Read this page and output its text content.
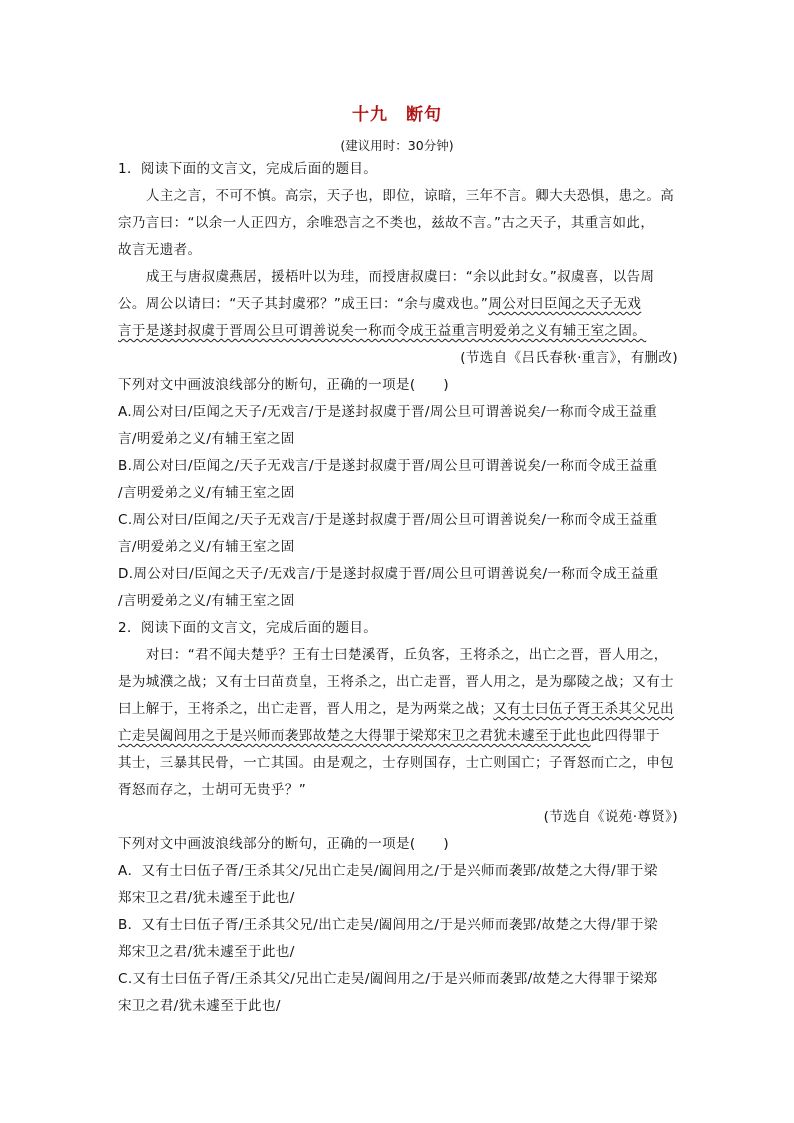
十九　断句
(建议用时：30分钟)
1．阅读下面的文言文，完成后面的题目。
人主之言，不可不慎。高宗，天子也，即位，谅暗，三年不言。卿大夫恐惧，患之。高
宗乃言曰：“以余一人正四方，余唯恐言之不类也，兹故不言。”古之天子，其重言如此，
故言无遗者。
成王与唐叔虞燕居，援梧叶以为珪，而授唐叔虞曰：“余以此封女。”叔虞喜，以告周
公。周公以请曰：“天子其封虞邪？”成王曰：“余与虞戏也。”周公对曰臣闻之天子无戏
言于是遂封叔虞于晋周公旦可谓善说矣一称而令成王益重言明爱弟之义有辅王室之固。
(节选自《吕氏春秋·重言》，有删改)
下列对文中画波浪线部分的断句，正确的一项是(　　)
A.周公对曰/臣闻之天子/无戏言/于是遂封叔虞于晋/周公旦可谓善说矣/一称而令成王益重
言/明爱弟之义/有辅王室之固
B.周公对曰/臣闻之/天子无戏言/于是遂封叔虞于晋/周公旦可谓善说矣/一称而令成王益重
/言明爱弟之义/有辅王室之固
C.周公对曰/臣闻之/天子无戏言/于是遂封叔虞于晋/周公旦可谓善说矣/一称而令成王益重
言/明爱弟之义/有辅王室之固
D.周公对曰/臣闻之天子/无戏言/于是遂封叔虞于晋/周公旦可谓善说矣/一称而令成王益重
/言明爱弟之义/有辅王室之固
2．阅读下面的文言文，完成后面的题目。
对曰：“君不闻夫楚乎？王有士曰楚溪胥，丘负客，王将杀之，出亡之晋，晋人用之，
是为城濮之战；又有士曰苗贲皇，王将杀之，出亡走晋，晋人用之，是为鄢陵之战；又有士
曰上解于，王将杀之，出亡走晋，晋人用之，是为两棠之战；又有士曰伍子胥王杀其父兄出
亡走吴阖闾用之于是兴师而袭郢故楚之大得罪于梁郑宋卫之君犹未遽至于此也此四得罪于
其士，三暴其民骨，一亡其国。由是观之，士存则国存，士亡则国亡；子胥怒而亡之，申包
胥怒而存之，士胡可无贵乎？”
(节选自《说苑·尊贤》)
下列对文中画波浪线部分的断句，正确的一项是(　　)
A．又有士曰伍子胥/王杀其父/兄出亡走吴/阖闾用之/于是兴师而袭郢/故楚之大得/罪于梁
郑宋卫之君/犹未遽至于此也/
B．又有士曰伍子胥/王杀其父兄/出亡走吴/阖闾用之/于是兴师而袭郢/故楚之大得/罪于梁
郑宋卫之君/犹未遽至于此也/
C.又有士曰伍子胥/王杀其父/兄出亡走吴/阖闾用之/于是兴师而袭郢/故楚之大得罪于梁郑
宋卫之君/犹未遽至于此也/
